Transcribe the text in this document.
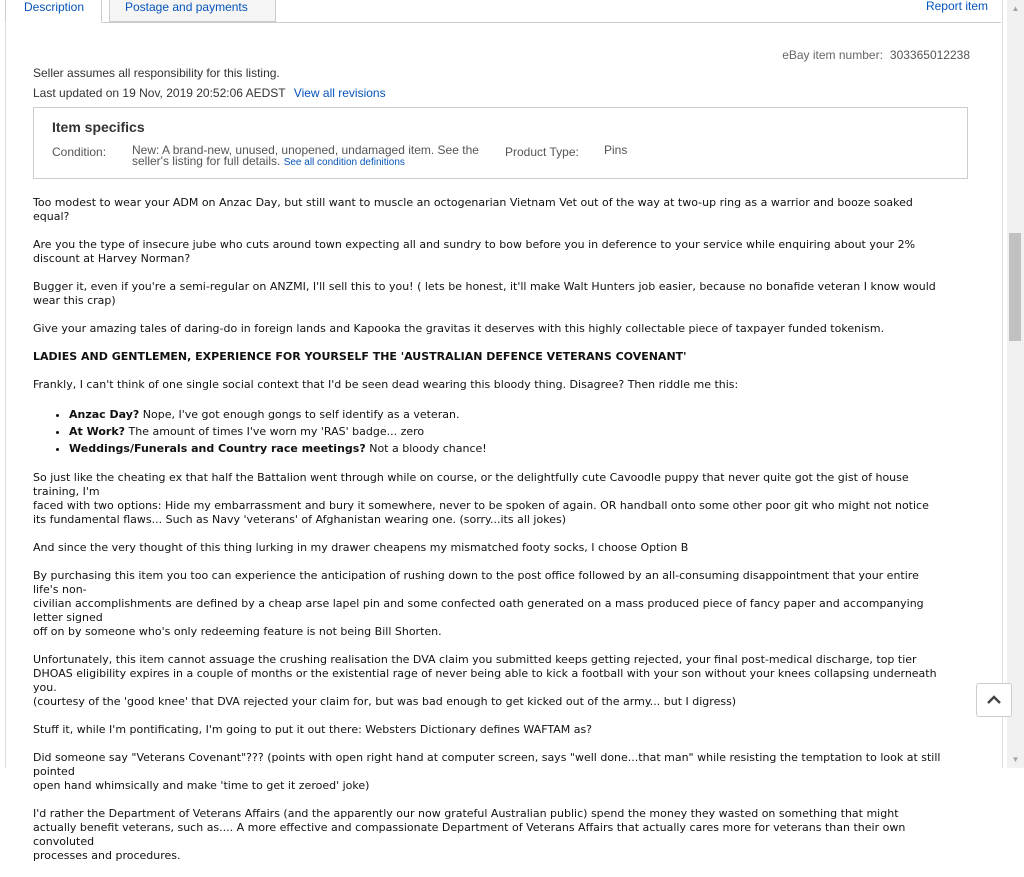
Description	Postage and payments	Report item
eBay item number: 303365012238
Seller assumes all responsibility for this listing.
Last updated on 19 Nov, 2019 20:52:06 AEDST View all revisions
Item specifics
Condition: New: A brand-new, unused, unopened, undamaged item. See the
seller's listing for full details. See all condition definitions
Product Type: Pins

Too modest to wear your ADM on Anzac Day, but still want to muscle an octogenarian Vietnam Vet out of the way at two-up ring as a warrior and booze soaked equal?

Are you the type of insecure jube who cuts around town expecting all and sundry to bow before you in deference to your service while enquiring about your 2% discount at Harvey Norman?

Bugger it, even if you're a semi-regular on ANZMI, I'll sell this to you! ( lets be honest, it'll make Walt Hunters job easier, because no bonafide veteran I know would wear this crap)

Give your amazing tales of daring-do in foreign lands and Kapooka the gravitas it deserves with this highly collectable piece of taxpayer funded tokenism.

LADIES AND GENTLEMEN, EXPERIENCE FOR YOURSELF THE 'AUSTRALIAN DEFENCE VETERANS COVENANT'

Frankly, I can't think of one single social context that I'd be seen dead wearing this bloody thing. Disagree? Then riddle me this:

• Anzac Day? Nope, I've got enough gongs to self identify as a veteran.
• At Work? The amount of times I've worn my 'RAS' badge... zero
• Weddings/Funerals and Country race meetings? Not a bloody chance!

So just like the cheating ex that half the Battalion went through while on course, or the delightfully cute Cavoodle puppy that never quite got the gist of house training, I'm
faced with two options: Hide my embarrassment and bury it somewhere, never to be spoken of again. OR handball onto some other poor git who might not notice
its fundamental flaws... Such as Navy 'veterans' of Afghanistan wearing one. (sorry...its all jokes)

And since the very thought of this thing lurking in my drawer cheapens my mismatched footy socks, I choose Option B

By purchasing this item you too can experience the anticipation of rushing down to the post office followed by an all-consuming disappointment that your entire life's non-
civilian accomplishments are defined by a cheap arse lapel pin and some confected oath generated on a mass produced piece of fancy paper and accompanying letter signed
off on by someone who's only redeeming feature is not being Bill Shorten.

Unfortunately, this item cannot assuage the crushing realisation the DVA claim you submitted keeps getting rejected, your final post-medical discharge, top tier
DHOAS eligibility expires in a couple of months or the existential rage of never being able to kick a football with your son without your knees collapsing underneath you.
(courtesy of the 'good knee' that DVA rejected your claim for, but was bad enough to get kicked out of the army... but I digress)

Stuff it, while I'm pontificating, I'm going to put it out there: Websters Dictionary defines WAFTAM as?

Did someone say "Veterans Covenant"??? (points with open right hand at computer screen, says "well done...that man" while resisting the temptation to look at still pointed
open hand whimsically and make 'time to get it zeroed' joke)

I'd rather the Department of Veterans Affairs (and the apparently our now grateful Australian public) spend the money they wasted on something that might
actually benefit veterans, such as.... A more effective and compassionate Department of Veterans Affairs that actually cares more for veterans than their own convoluted
processes and procedures.

▲
▼
